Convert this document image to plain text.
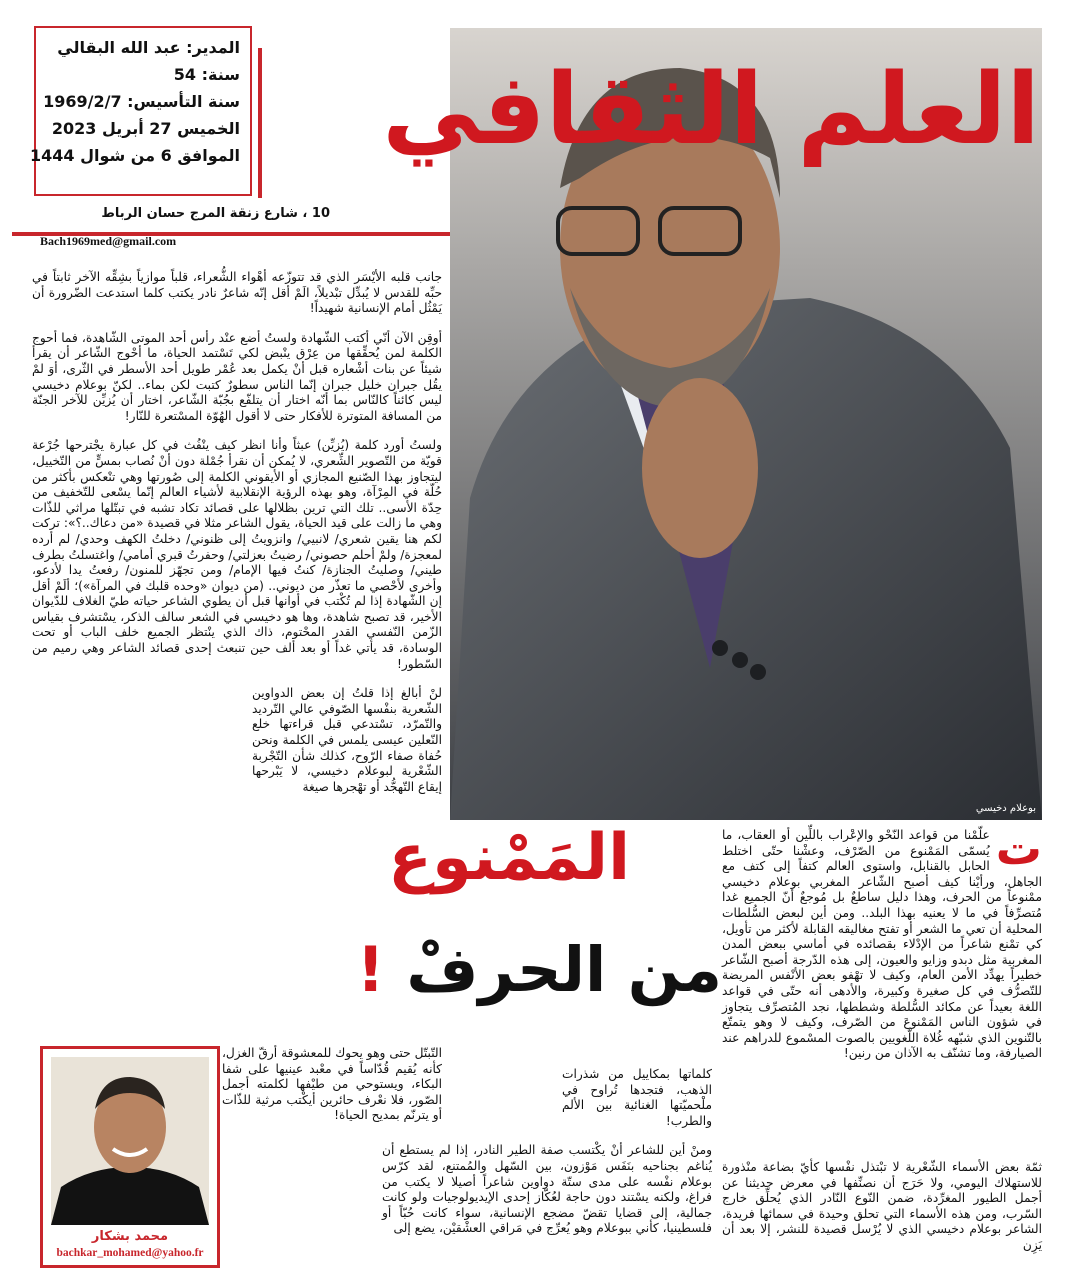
المدير: عبد الله البقالي
سنة: 54
سنة التأسيس: 1969/2/7
الخميس 27 أبريل 2023
الموافق 6 من شوال 1444
10 ، شارع زنقة المرج حسان الرباط
Bach1969med@gmail.com
العلم الثقافي
بوعلام دخيسي

جانب قلبه الأيْسَر الذي قد تتوزّعه أهْواء الشُّعراء، قلباً موازياً بشِقِّه الآخر ثابتاً في حبِّه للقدس لا يُبدِّل تبْديلاً، الَمْ أقل إنّه شاعرٌ نادر يكتب كلما استدعت الضّرورة أن يَمْثُل أمام الإنسانية شهيداً!

أوقِن الآن أنّي أكتب الشّهادة ولستُ أضع عنْد رأس أحد الموتى الشّاهدة، فما أحوج الكلمة لمن يُحقِّقها من عِرْق ينْبض لكي تَسْتمد الحياة، ما أحْوج الشّاعر أن يقرأ شيئاً عن بنات أشْعاره قبل أنْ يكمل بعد عُمْر طويل أحد الأسطر في الثّرى، أوَ لمْ يقُل جبران خليل جبران إنّما الناس سطورٌ كتبت لكن بماء.. لكنّ بوعلام دخيسي ليس كائناً كالنّاس بما أنّه اختار أن يتلفّع بجُبّة الشّاعر، اختار أن يُزيِّن للآخر الجنّة من المسافة المتوترة للأفكار حتى لا أقول الهُوّة المسْتعرة للنّار!

ولستُ أورد كلمة (يُزيِّن) عبثاً وأنا انظر كيف ينْفُث في كل عبارة يجْترحها جُرْعة قويّة من التّصوير الشِّعري، لا يُمكن أن نقرأ جُمْلة دون أنْ نُصاب بمسٍّ من التّخييل، ليتجاوز بهذا الصّنيع المجازي أو الأيقوني الكلمة إلى صُورتها وهي تنْعكس بأكثر من حُلّة في المِرْآة، وهو بهذه الرؤية الإنقلابية لأشياء العالم إنّما يسْعى للتّخفيف من حِدّة الأسى.. تلك التي ترين بظلالها على قصائد تكاد تشبه في تبتّلها مراثي للذّات وهي ما زالت على قيد الحياة، يقول الشاعر مثلا في قصيدة «من دعاك..؟»: تركت لكم هنا يقين شعري/ لانبيي/ وانزويتُ إلى ظنوني/ دخلتُ الكهف وحدي/ لم أرده لمعجزة/ ولمْ أحلم حصوني/ رضيتُ بعزلتي/ وحفرتُ قبري أمامي/ واغتسلتُ بطرف طيني/ وصليتُ الجنازة/ كنتُ فيها الإمام/ ومن تجهّز للمنون/ رفعتُ يدا لأدعو، وأخرى لأحْصي ما تعذّر من ديوني.. (من ديوان «وحده قلبك في المرآة»)؛ ألَمْ أقل إن الشّهادة إذا لم تُكْتب في أوانها قبل أن يطوي الشاعر حياته طيّ الغلاف للدّيوان الأخير، قد تصبح شاهدة، وها هو دخيسي في الشعر سالف الذكر، يسْتشرف بقياس الزّمن النّفسي القدر المحْتوم، ذاك الذي ينْتظر الجميع خلف الباب أو تحت الوسادة، قد يأتي غداً أو بعد ألف حين تنبعث إحدى قصائد الشاعر وهي رميم من السّطور!

لنْ أبالغ إذا قلتُ إن بعض الدواوين الشّعرية بنفْسها الصّوفي عالي التّرديد والتّمرّد، تسْتدعي قبل قراءتها خلع النّعلين عيسى يلمس في الكلمة ونحن حُفاة صفاء الرّوح، كذلك شأن التّجْربة الشّعْرية لبوعلام دخيسي، لا يَبْرحها إيقاع التّهجُّد أو تهْجرها صيغة

المَمْنوع
من الحرفْ !

ت
علّمْنا من قواعد النّحْو والإعْراب باللِّين أو العقاب، ما يُسمّى المَمْنوع من الصّرْف، وعشْنا حتّى اختلط الحابل بالقنابل، واستوى العالم كتفاً إلى كتف مع الجاهل، ورأيْنا كيف أصبح الشّاعر المغربي بوعلام دخيسي ممْنوعاً من الحرف، وهذا دليل ساطعٌ بل مُوجعٌ أنّ الجميع غدا مُتصرِّفاً في ما لا يعنيه بهذا البلد.. ومن أين لبعض السُّلطات المحلية أن تعي ما الشعر أو تفتح مغاليقه القابلة لأكثر من تأويل، كي تمْنع شاعراً من الإدْلاء بقصائده في أماسي ببعض المدن المغربية مثل دبدو وزايو والعيون، إلى هذه الدّرجة أصبح الشّاعر خطيراً يهدِّد الأمن العام، وكيف لا تهْفو بعض الأنْفس المريضة للتّصرُّف في كل صغيرة وكبيرة، والأدهى أنه حتّى في قواعد اللغة بعيداً عن مكائد السُّلطة وشططها، نجد المُتصرِّف يتجاوز في شؤون الناس المَمْنوعَ من الصّرف، وكيف لا وهو يتمتّع بالتّنوين الذي شبّهه غُلاة اللّغويين بالصوت المسْموع للدراهم عند الصيارفة، وما تشنّف به الآذان من رنين!

كلماتها بمكاييل من شذرات الذهب، فتجدها تُراوح في ملْحميّتها الغنائية بين الألم والطرب!

ومنْ أين للشاعر أنْ يكْتسب صفة الطير النادر، إذا لم يستطع أن يُناغم بجناحيه بنَفَس مَوْزون، بين السّهل والمُمتنع، لقد كرّس بوعلام نفْسه على مدى ستّة دواوين شاعراً أصيلا لا يكتب من فراغ، ولكنه يسْتند دون حاجة لعُكّاز إحدى الإيديولوجيات ولو كانت جمالية، إلى قضايا تقضّ مضجع الإنسانية، سواء كانت حُبّاً أو فلسطينيا، كأني ببوعلام وهو يُعرِّج في مَراقي العشْقيْن، يضع إلى

ثمّة بعض الأسماء الشّعْرية لا تبْتذل نفْسها كأيّ بضاعة منْذورة للاستهلاك اليومي، ولا حَرَج أن نصنِّفها في معرض حديثنا عن أجمل الطيور المغرِّدة، ضمن النّوع النّادر الذي يُحلِّق خارج السّرب، ومن هذه الأسماء التي تحلق وحيدة في سمائها فريدة، الشاعر بوعلام دخيسي الذي لا يُرْسل قصيدة للنشر، إلا بعد أن يَزِن

التّبتّل حتى وهو يحوك للمعشوقة أرقّ الغزل، كأنه يُقيم قُدّاساً في معْبد عينيها على شفا البكاء، ويستوحي من طيْفها لكلمته أجمل الصّور، فلا نعْرف حائرين أيكْتب مرثية للذّات أو يترنّم بمديح الحياة!

محمد بشكار
bachkar_mohamed@yahoo.fr
